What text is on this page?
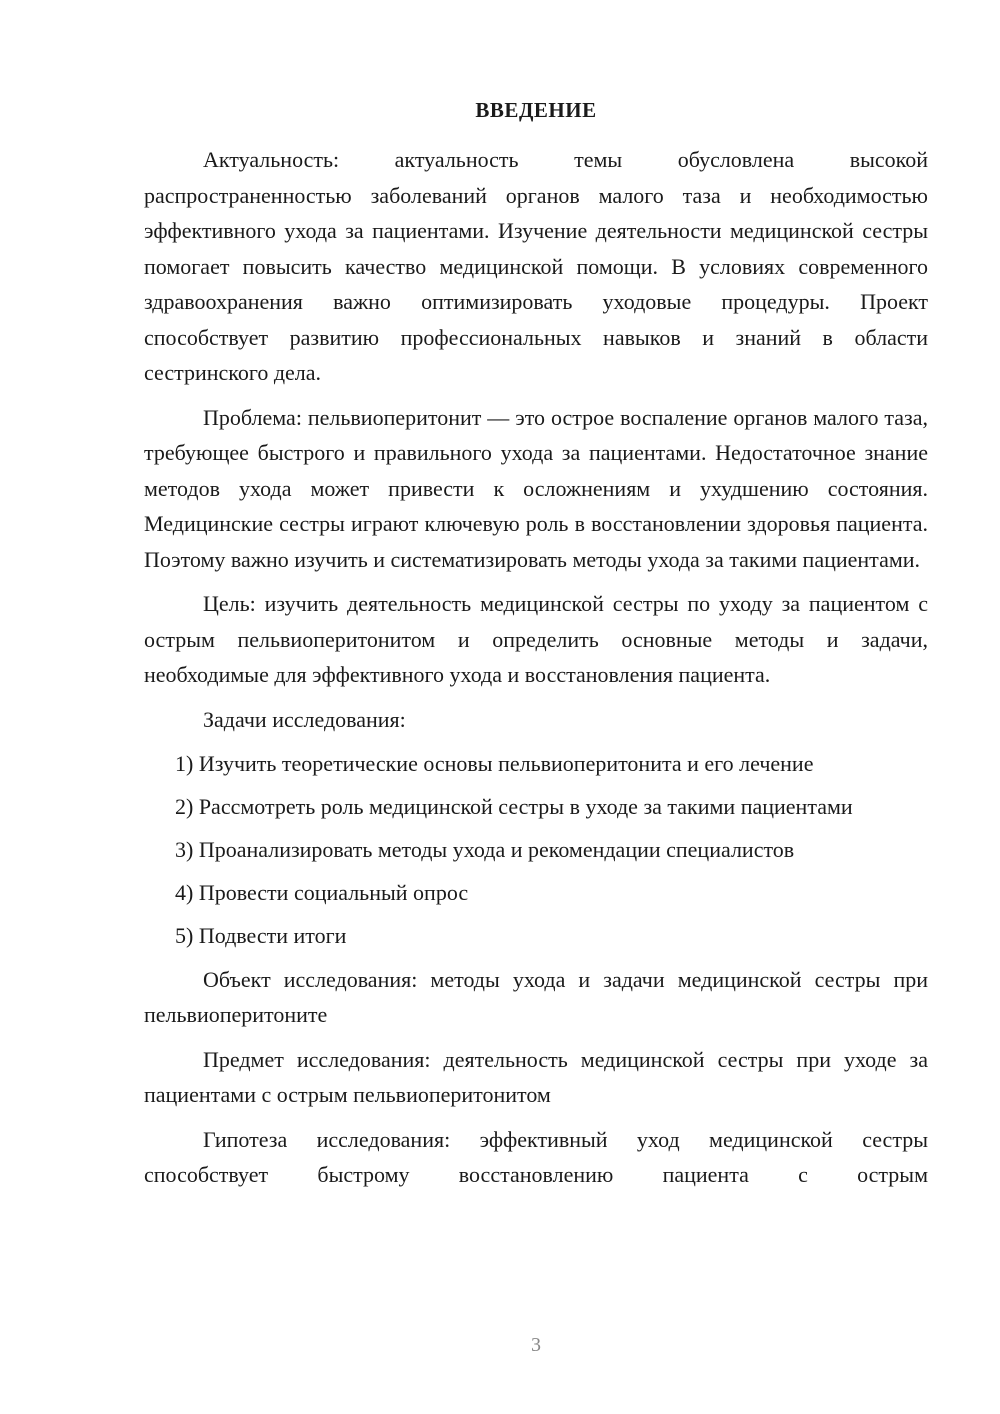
ВВЕДЕНИЕ

Актуальность: актуальность темы обусловлена высокой распространенностью заболеваний органов малого таза и необходимостью эффективного ухода за пациентами. Изучение деятельности медицинской сестры помогает повысить качество медицинской помощи. В условиях современного здравоохранения важно оптимизировать уходовые процедуры. Проект способствует развитию профессиональных навыков и знаний в области сестринского дела.

Проблема: пельвиоперитонит — это острое воспаление органов малого таза, требующее быстрого и правильного ухода за пациентами. Недостаточное знание методов ухода может привести к осложнениям и ухудшению состояния. Медицинские сестры играют ключевую роль в восстановлении здоровья пациента. Поэтому важно изучить и систематизировать методы ухода за такими пациентами.

Цель: изучить деятельность медицинской сестры по уходу за пациентом с острым пельвиоперитонитом и определить основные методы и задачи, необходимые для эффективного ухода и восстановления пациента.

Задачи исследования:

1) Изучить теоретические основы пельвиоперитонита и его лечение

2) Рассмотреть роль медицинской сестры в уходе за такими пациентами

3) Проанализировать методы ухода и рекомендации специалистов

4) Провести социальный опрос

5) Подвести итоги

Объект исследования: методы ухода и задачи медицинской сестры при пельвиоперитоните

Предмет исследования: деятельность медицинской сестры при уходе за пациентами с острым пельвиоперитонитом

Гипотеза исследования: эффективный уход медицинской сестры способствует быстрому восстановлению пациента с острым

3
